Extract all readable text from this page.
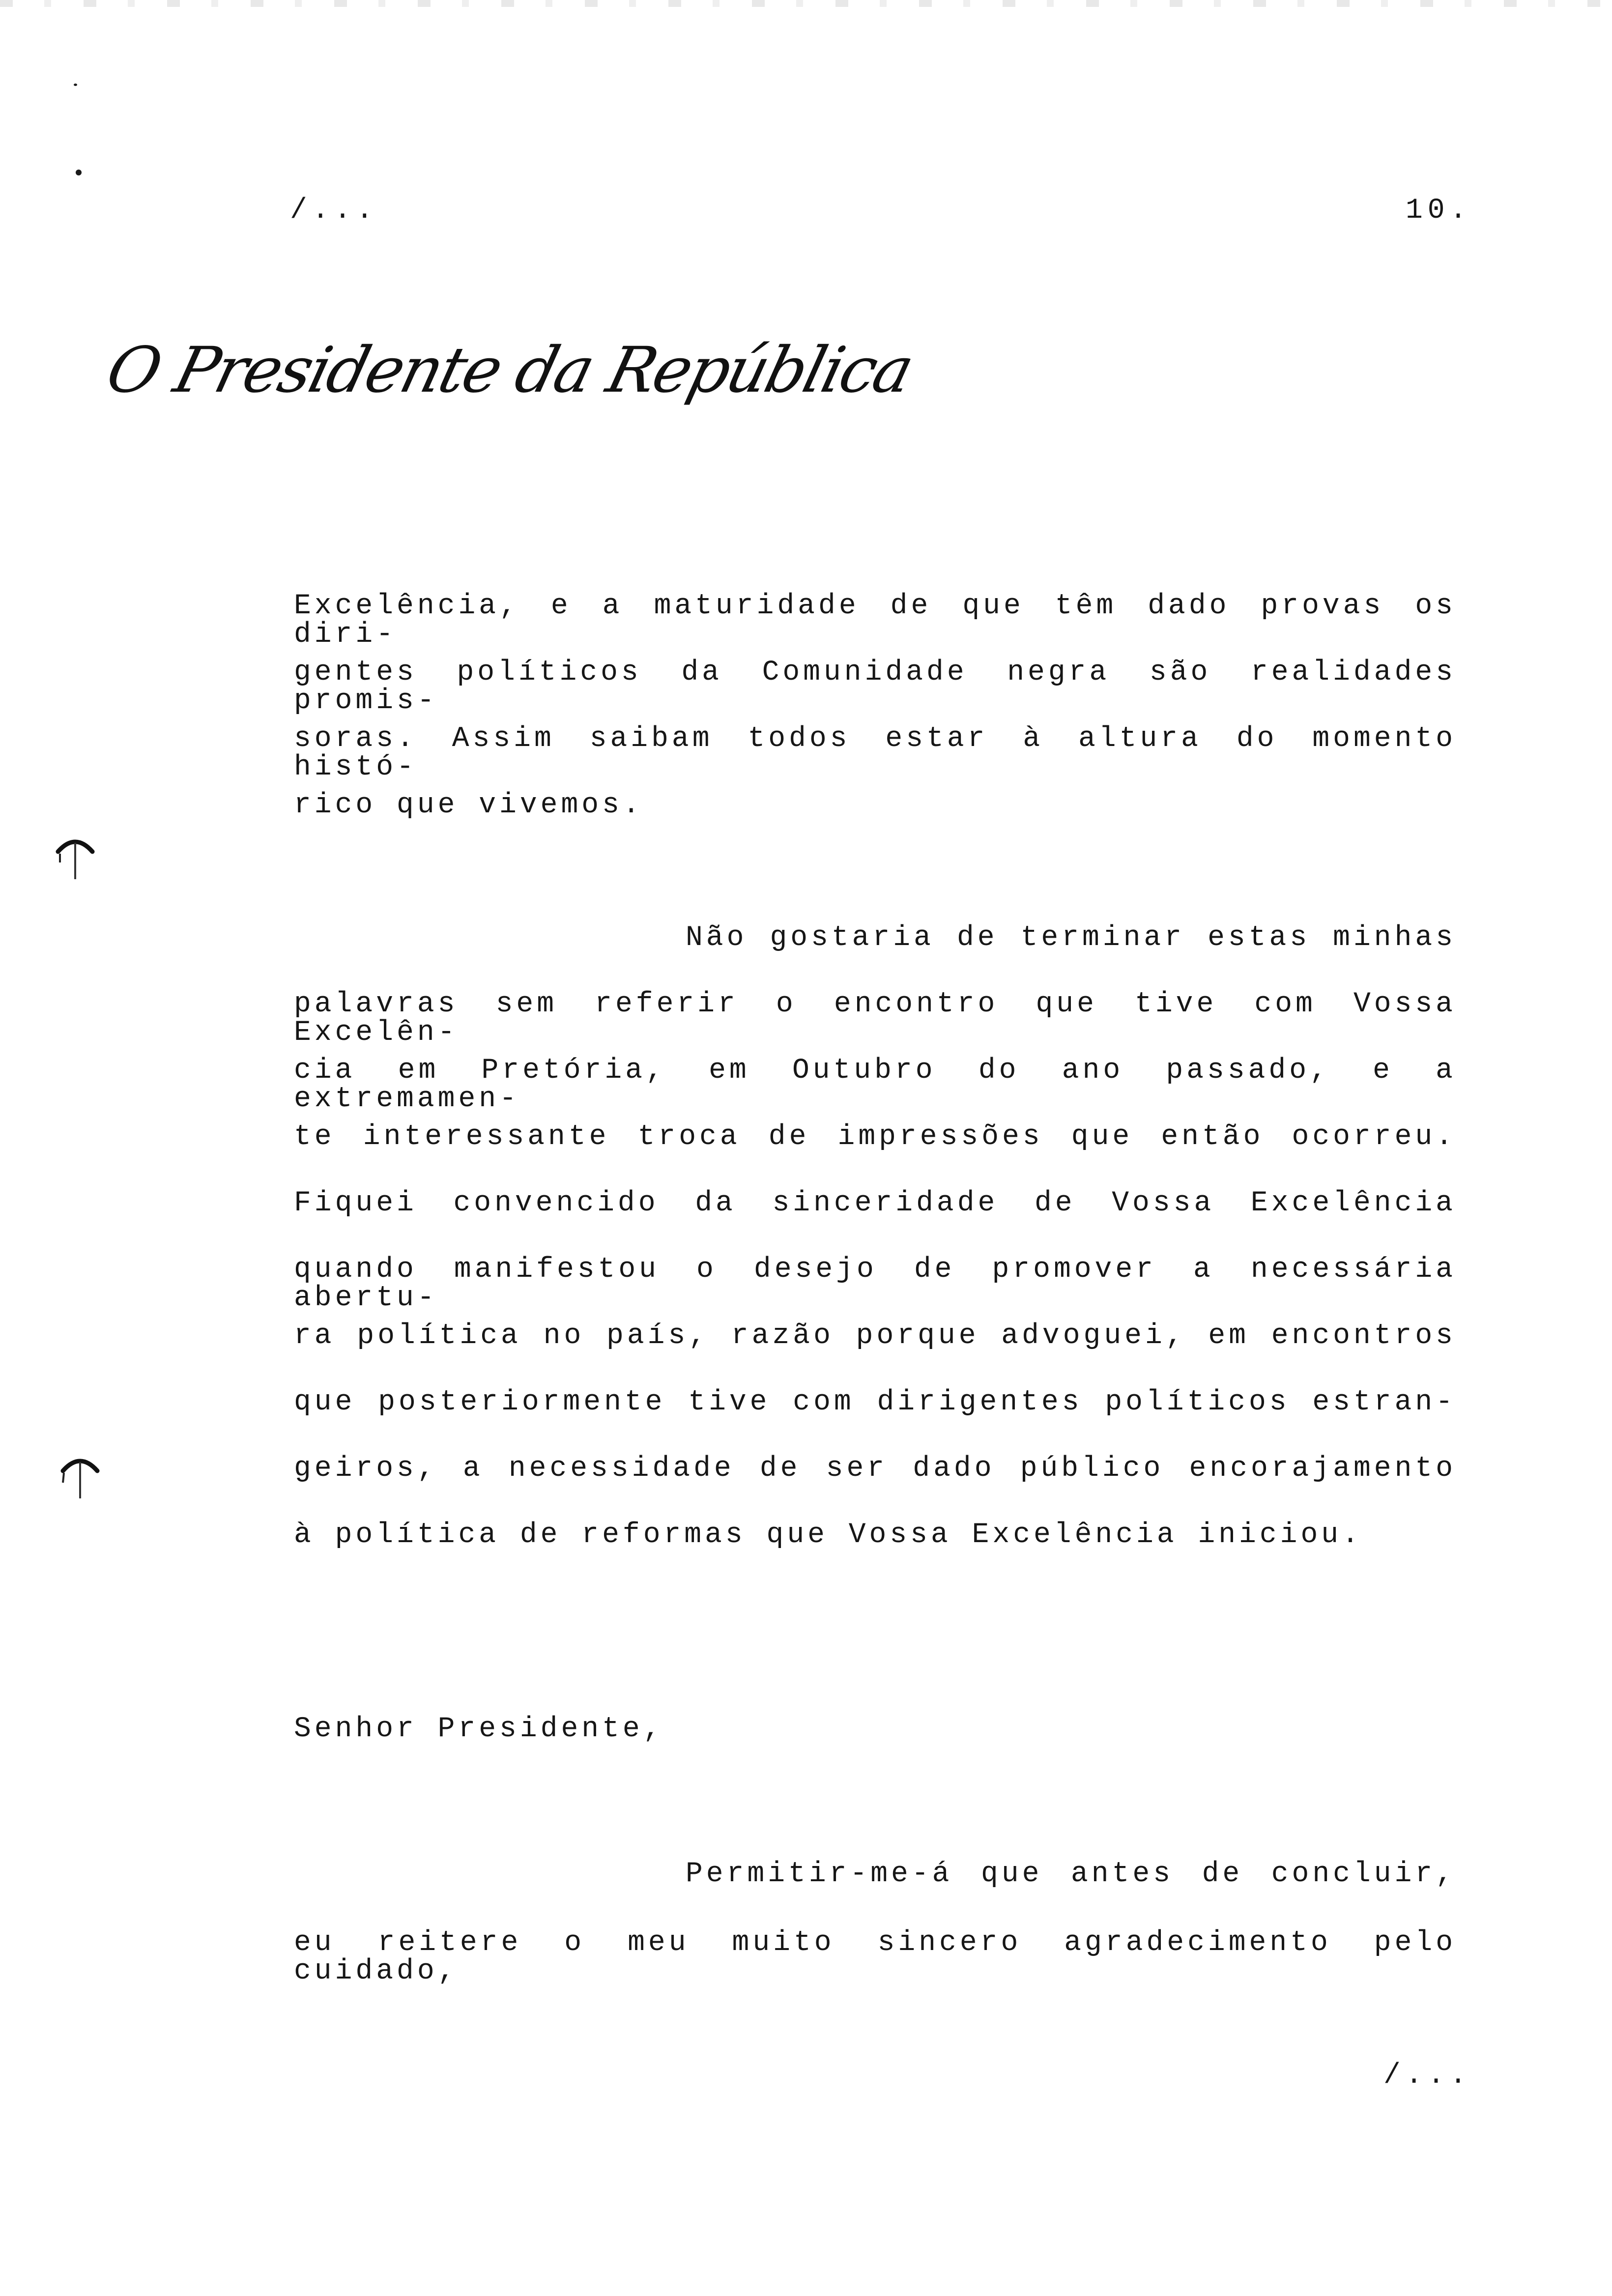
/...	10.
O Presidente da República
Excelência, e a maturidade de que têm dado provas os diri-
gentes políticos da Comunidade negra são realidades promis-
soras. Assim saibam todos estar à altura do momento histó-
rico que vivemos.
Não gostaria de terminar estas minhas
palavras sem referir o encontro que tive com Vossa Excelên-
cia em Pretória, em Outubro do ano passado, e a extremamen-
te interessante troca de impressões que então ocorreu.
Fiquei convencido da sinceridade de Vossa Excelência
quando manifestou o desejo de promover a necessária abertu-
ra política no país, razão porque advoguei, em encontros
que posteriormente tive com dirigentes políticos estran-
geiros, a necessidade de ser dado público encorajamento
à política de reformas que Vossa Excelência iniciou.
Senhor Presidente,
Permitir-me-á que antes de concluir,
eu reitere o meu muito sincero agradecimento pelo cuidado,
/...
